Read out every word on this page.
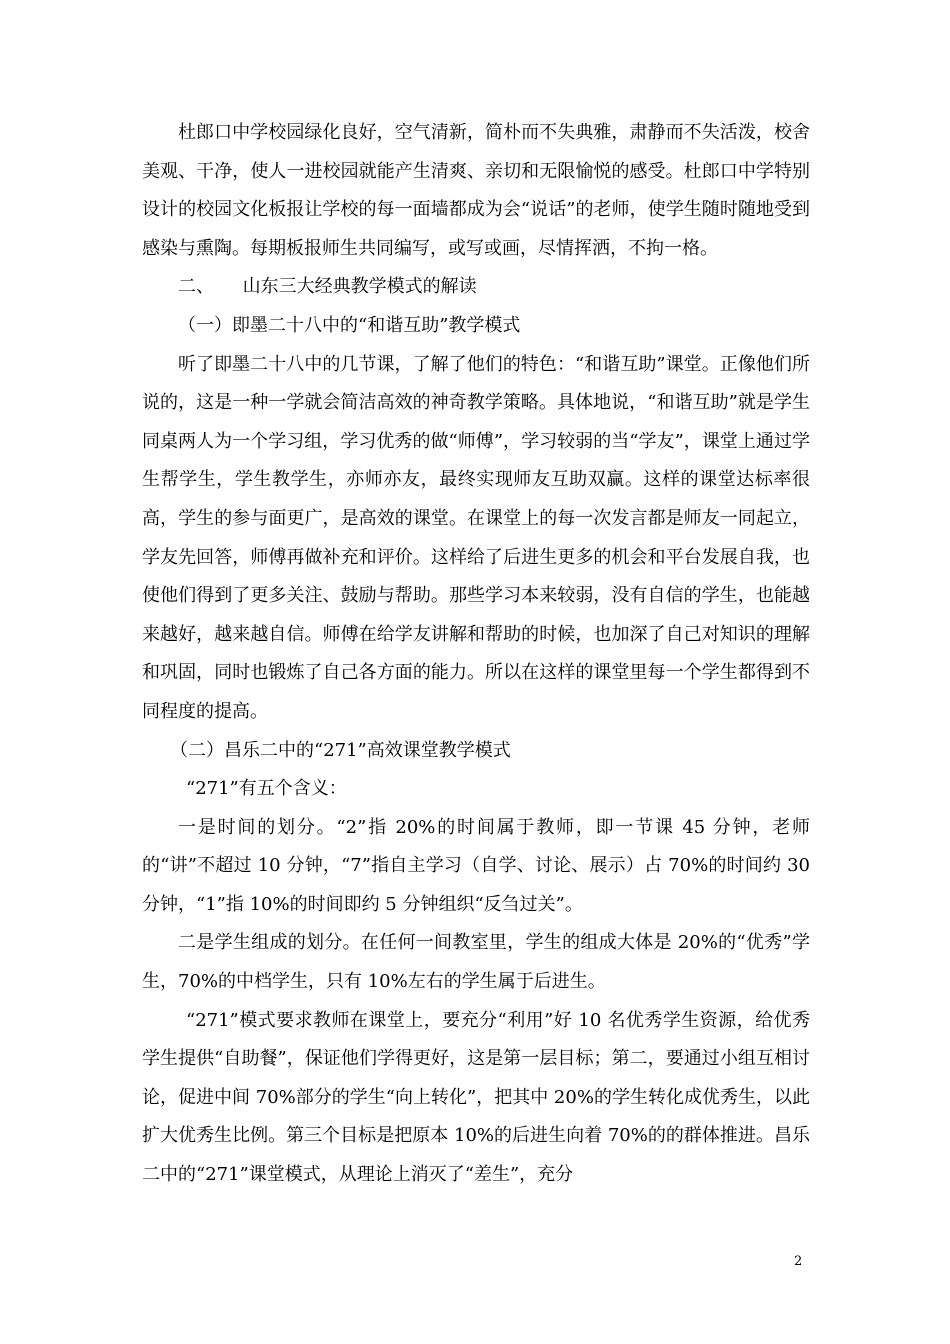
杜郎口中学校园绿化良好，空气清新，简朴而不失典雅，肃静而不失活泼，校舍美观、干净，使人一进校园就能产生清爽、亲切和无限愉悦的感受。杜郎口中学特别设计的校园文化板报让学校的每一面墙都成为会“说话”的老师，使学生随时随地受到感染与熏陶。每期板报师生共同编写，或写或画，尽情挥洒，不拘一格。

二、     山东三大经典教学模式的解读

（一）即墨二十八中的“和谐互助”教学模式

听了即墨二十八中的几节课，了解了他们的特色：“和谐互助”课堂。正像他们所说的，这是一种一学就会简洁高效的神奇教学策略。具体地说，“和谐互助”就是学生同桌两人为一个学习组，学习优秀的做“师傅”，学习较弱的当“学友”，课堂上通过学生帮学生，学生教学生，亦师亦友，最终实现师友互助双赢。这样的课堂达标率很高，学生的参与面更广，是高效的课堂。在课堂上的每一次发言都是师友一同起立，学友先回答，师傅再做补充和评价。这样给了后进生更多的机会和平台发展自我，也使他们得到了更多关注、鼓励与帮助。那些学习本来较弱，没有自信的学生，也能越来越好，越来越自信。师傅在给学友讲解和帮助的时候，也加深了自己对知识的理解和巩固，同时也锻炼了自己各方面的能力。所以在这样的课堂里每一个学生都得到不同程度的提高。

（二）昌乐二中的“271”高效课堂教学模式

“271”有五个含义：

一是时间的划分。“2”指 20%的时间属于教师，即一节课 45 分钟，老师的“讲”不超过 10 分钟，“7”指自主学习（自学、讨论、展示）占 70%的时间约 30 分钟，“1”指 10%的时间即约 5 分钟组织“反刍过关”。

二是学生组成的划分。在任何一间教室里，学生的组成大体是 20%的“优秀”学生，70%的中档学生，只有 10%左右的学生属于后进生。

“271”模式要求教师在课堂上，要充分“利用”好 10 名优秀学生资源，给优秀学生提供“自助餐”，保证他们学得更好，这是第一层目标；第二，要通过小组互相讨论，促进中间 70%部分的学生“向上转化”，把其中 20%的学生转化成优秀生，以此扩大优秀生比例。第三个目标是把原本 10%的后进生向着 70%的的群体推进。昌乐二中的“271”课堂模式，从理论上消灭了“差生”，充分

2
